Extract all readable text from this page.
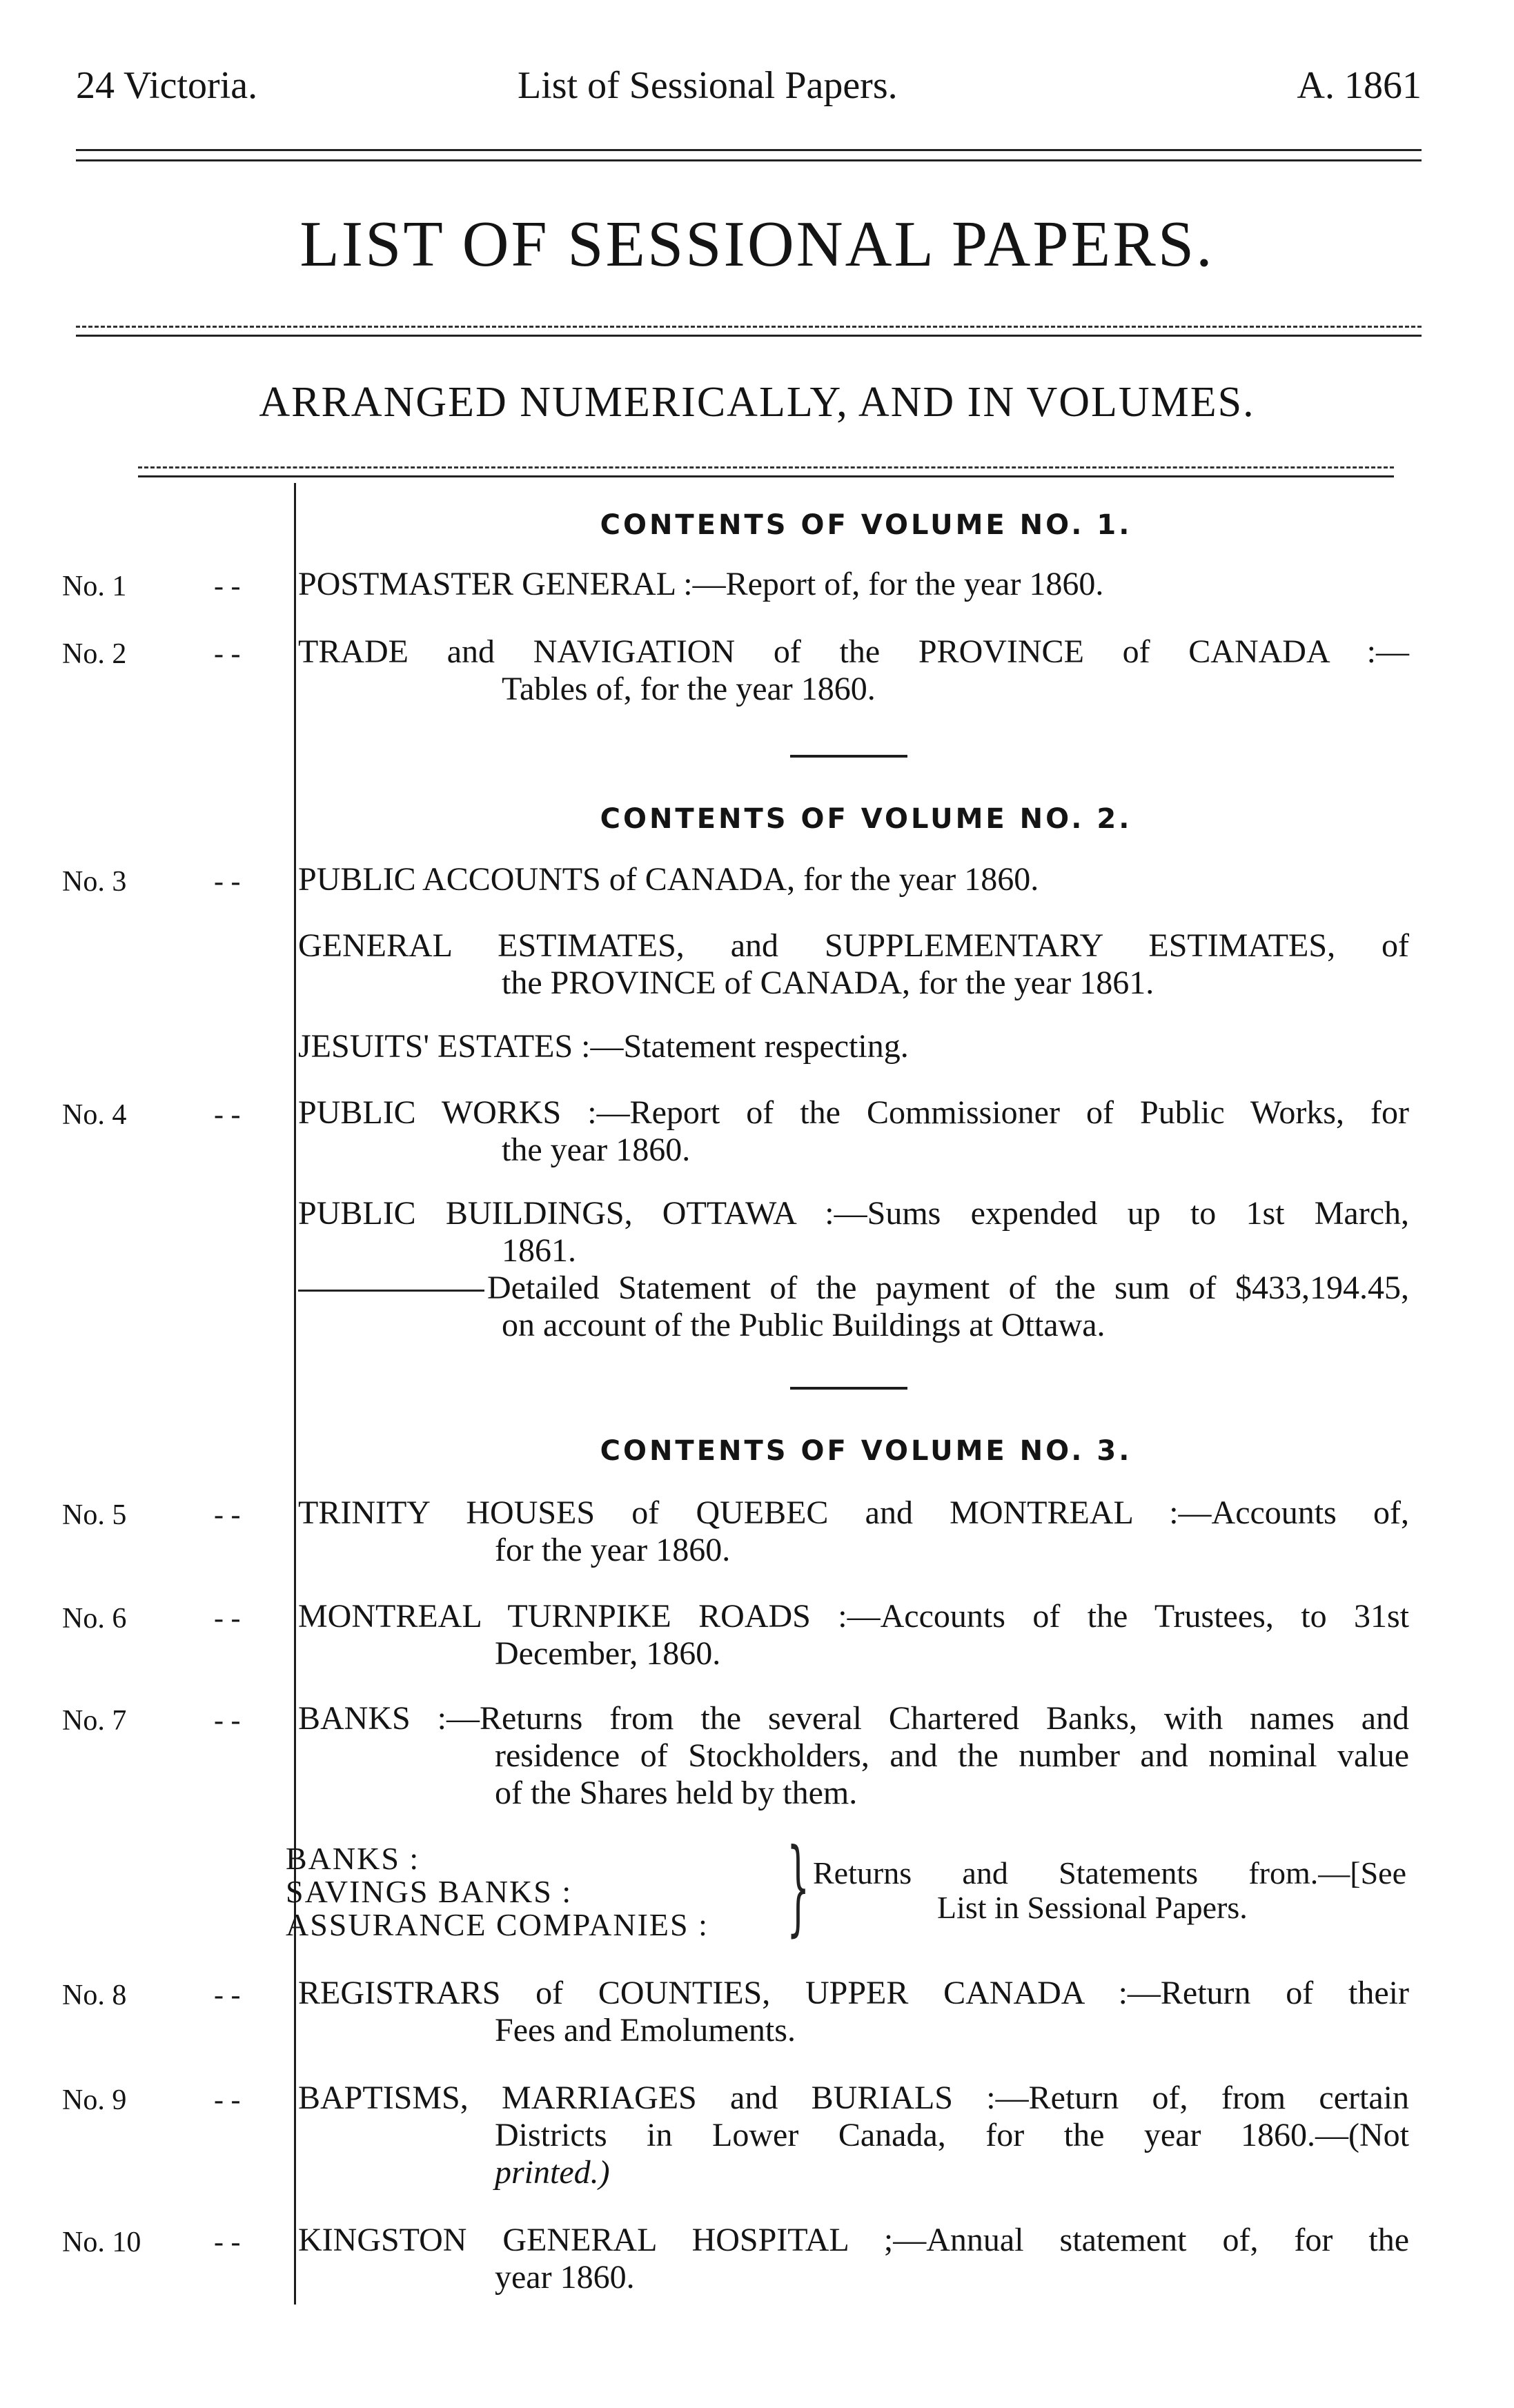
24 Victoria.	List of Sessional Papers.	A. 1861
LIST OF SESSIONAL PAPERS.
ARRANGED NUMERICALLY, AND IN VOLUMES.
CONTENTS OF VOLUME NO. 1.
No. 1	- - POSTMASTER GENERAL :—Report of, for the year 1860.
No. 2	- - TRADE and NAVIGATION of the PROVINCE of CANADA :—
Tables of, for the year 1860.
CONTENTS OF VOLUME NO. 2.
No. 3	- - PUBLIC ACCOUNTS of CANADA, for the year 1860.
GENERAL ESTIMATES, and SUPPLEMENTARY ESTIMATES, of
the PROVINCE of CANADA, for the year 1861.
JESUITS' ESTATES :—Statement respecting.
No. 4	- - PUBLIC WORKS :—Report of the Commissioner of Public Works, for
the year 1860.
PUBLIC BUILDINGS, OTTAWA :—Sums expended up to 1st March,
1861.
Detailed Statement of the payment of the sum of $433,194.45,
on account of the Public Buildings at Ottawa.
CONTENTS OF VOLUME NO. 3.
No. 5	- - TRINITY HOUSES of QUEBEC and MONTREAL :—Accounts of,
for the year 1860.
No. 6	- - MONTREAL TURNPIKE ROADS :—Accounts of the Trustees, to 31st
December, 1860.
No. 7	- - BANKS :—Returns from the several Chartered Banks, with names and
residence of Stockholders, and the number and nominal value
of the Shares held by them.
BANKS :
SAVINGS BANKS :
ASSURANCE COMPANIES : } Returns and Statements from.—[See
List in Sessional Papers.
No. 8	- - REGISTRARS of COUNTIES, UPPER CANADA :—Return of their
Fees and Emoluments.
No. 9	- - BAPTISMS, MARRIAGES and BURIALS :—Return of, from certain
Districts in Lower Canada, for the year 1860.—(Not
printed.)
No. 10	- - KINGSTON GENERAL HOSPITAL ;—Annual statement of, for the
year 1860.
